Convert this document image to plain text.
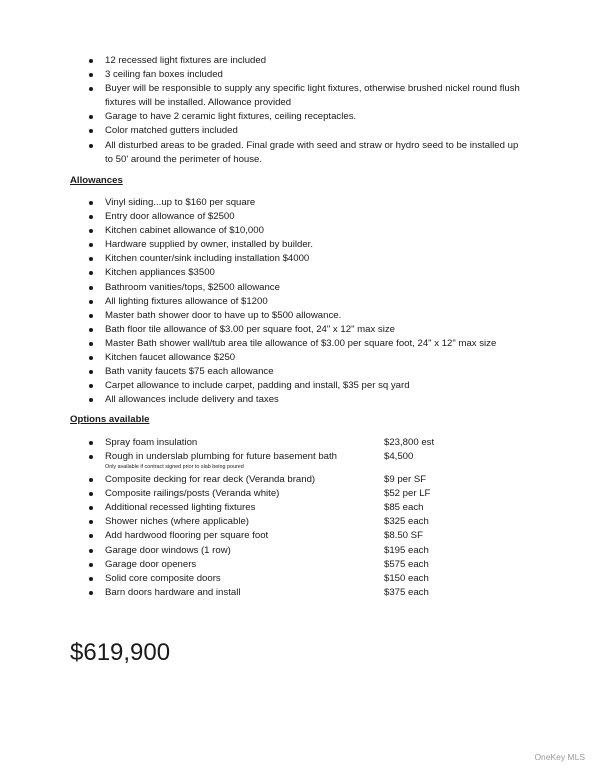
12 recessed light fixtures are included
3 ceiling fan boxes included
Buyer will be responsible to supply any specific light fixtures, otherwise brushed nickel round flush fixtures will be installed. Allowance provided
Garage to have 2 ceramic light fixtures, ceiling receptacles.
Color matched gutters included
All disturbed areas to be graded. Final grade with seed and straw or hydro seed to be installed up to 50' around the perimeter of house.
Allowances
Vinyl siding...up to $160 per square
Entry door allowance of $2500
Kitchen cabinet allowance of $10,000
Hardware supplied by owner, installed by builder.
Kitchen counter/sink including installation $4000
Kitchen appliances $3500
Bathroom vanities/tops, $2500 allowance
All lighting fixtures allowance of $1200
Master bath shower door to have up to $500 allowance.
Bath floor tile allowance of $3.00 per square foot, 24" x 12" max size
Master Bath shower wall/tub area tile allowance of $3.00 per square foot, 24" x 12" max size
Kitchen faucet allowance $250
Bath vanity faucets $75 each allowance
Carpet allowance to include carpet, padding and install, $35 per sq yard
All allowances include delivery and taxes
Options available
Spray foam insulation	$23,800 est
Rough in underslab plumbing for future basement bath	$4,500
Only available if contract signed prior to slab being poured
Composite decking for rear deck (Veranda brand)	$9 per SF
Composite railings/posts (Veranda white)	$52 per LF
Additional recessed lighting fixtures	$85 each
Shower niches (where applicable)	$325 each
Add hardwood flooring per square foot	$8.50 SF
Garage door windows (1 row)	$195 each
Garage door openers	$575 each
Solid core composite doors	$150 each
Barn doors hardware and install	$375 each
$619,900
OneKey MLS
